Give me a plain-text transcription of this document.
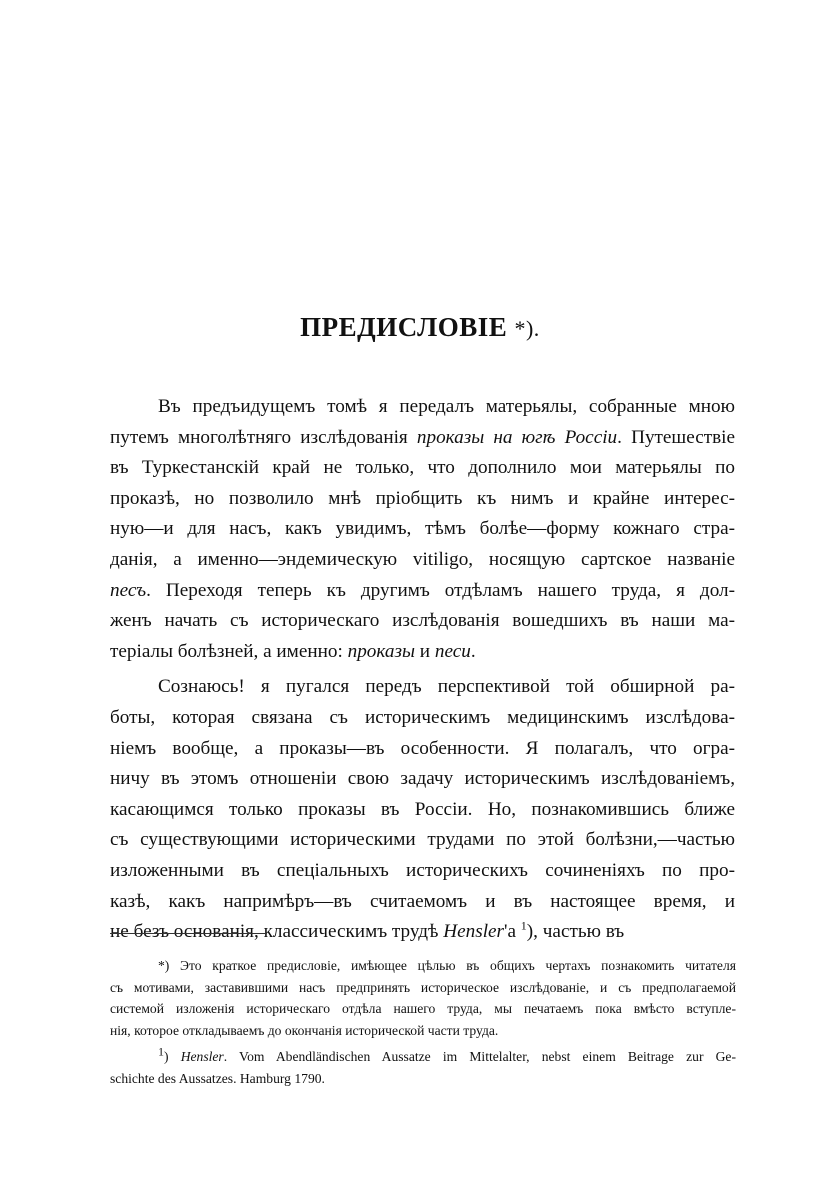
ПРЕДИСЛОВІЕ *).
Въ предъидущемъ томѣ я передалъ матерьялы, собранные мною
путемъ многолѣтняго изслѣдованія проказы на югѣ Россіи. Путешествіе
въ Туркестанскій край не только, что дополнило мои матерьялы по
проказѣ, но позволило мнѣ пріобщить къ нимъ и крайне интерес-
ную—и для насъ, какъ увидимъ, тѣмъ болѣе—форму кожнаго стра-
данія, а именно—эндемическую vitiligo, носящую сартское названіе
песъ. Переходя теперь къ другимъ отдѣламъ нашего труда, я дол-
женъ начать съ историческаго изслѣдованія вошедшихъ въ наши ма-
теріалы болѣзней, а именно: проказы и песи.
Сознаюсь! я пугался передъ перспективой той обширной ра-
боты, которая связана съ историческимъ медицинскимъ изслѣдова-
ніемъ вообще, а проказы—въ особенности. Я полагалъ, что огра-
ничу въ этомъ отношеніи свою задачу историческимъ изслѣдованіемъ,
касающимся только проказы въ Россіи. Но, познакомившись ближе
съ существующими историческими трудами по этой болѣзни,—частью
изложенными въ спеціальныхъ историческихъ сочиненіяхъ по про-
казѣ, какъ напримѣръ—въ считаемомъ и въ настоящее время, и
не безъ основанія, классическимъ трудѣ Hensler'а $^1$), частью въ
*) Это краткое предисловіе, имѣющее цѣлью въ общихъ чертахъ познакомить читателя
съ мотивами, заставившими насъ предпринять историческое изслѣдованіе, и съ предполагаемой
системой изложенія историческаго отдѣла нашего труда, мы печатаемъ пока вмѣсто вступле-
нія, которое откладываемъ до окончанія исторической части труда.
$^1$) Hensler. Vom Abendländischen Aussatze im Mittelalter, nebst einem Beitrage zur Ge-
schichte des Aussatzes. Hamburg 1790.
